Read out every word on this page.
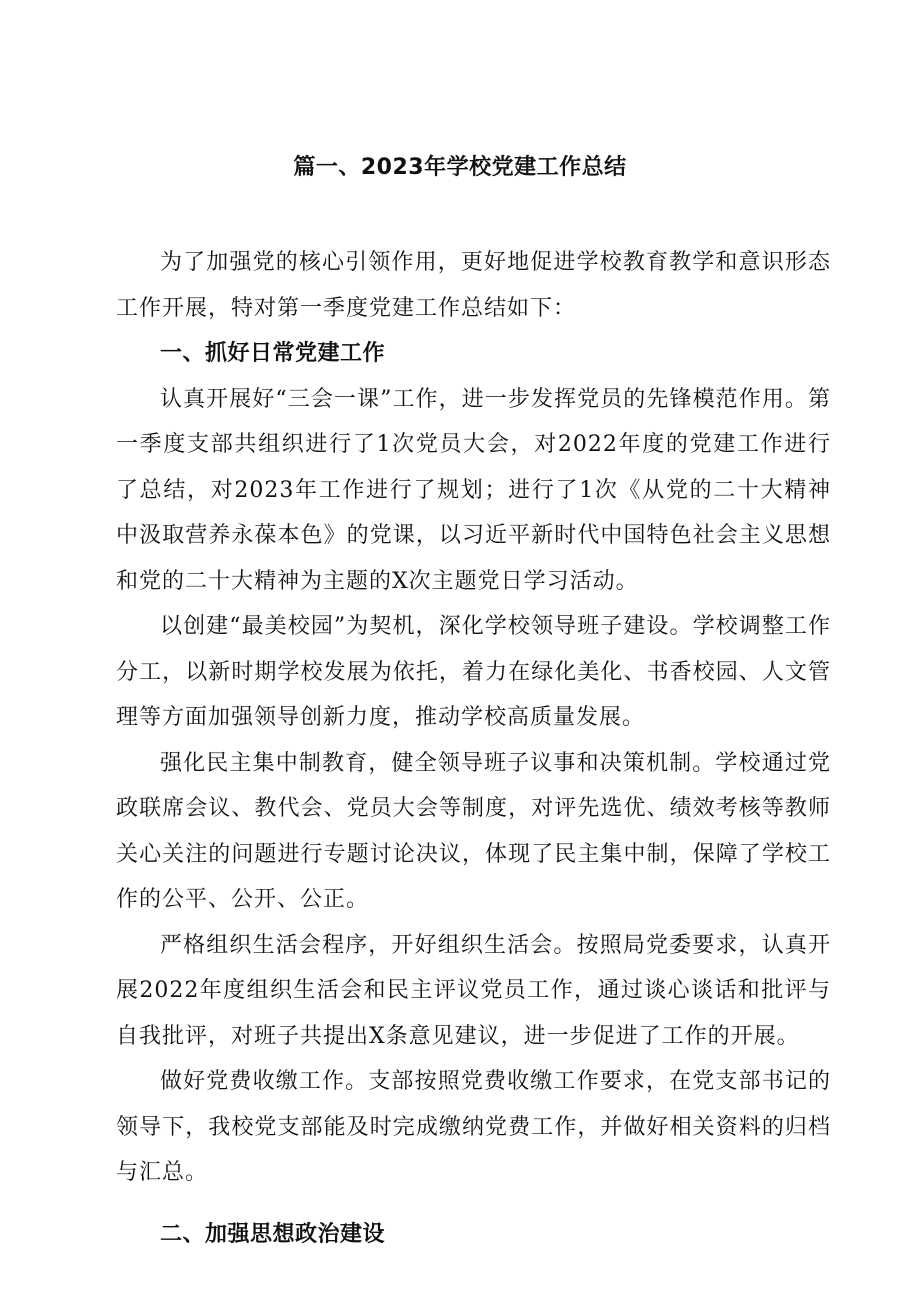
篇一、2023年学校党建工作总结

为了加强党的核心引领作用，更好地促进学校教育教学和意识形态工作开展，特对第一季度党建工作总结如下：

一、抓好日常党建工作

认真开展好“三会一课”工作，进一步发挥党员的先锋模范作用。第一季度支部共组织进行了1次党员大会，对2022年度的党建工作进行了总结，对2023年工作进行了规划；进行了1次《从党的二十大精神中汲取营养永葆本色》的党课，以习近平新时代中国特色社会主义思想和党的二十大精神为主题的X次主题党日学习活动。

以创建“最美校园”为契机，深化学校领导班子建设。学校调整工作分工，以新时期学校发展为依托，着力在绿化美化、书香校园、人文管理等方面加强领导创新力度，推动学校高质量发展。

强化民主集中制教育，健全领导班子议事和决策机制。学校通过党政联席会议、教代会、党员大会等制度，对评先选优、绩效考核等教师关心关注的问题进行专题讨论决议，体现了民主集中制，保障了学校工作的公平、公开、公正。

严格组织生活会程序，开好组织生活会。按照局党委要求，认真开展2022年度组织生活会和民主评议党员工作，通过谈心谈话和批评与自我批评，对班子共提出X条意见建议，进一步促进了工作的开展。

做好党费收缴工作。支部按照党费收缴工作要求，在党支部书记的领导下，我校党支部能及时完成缴纳党费工作，并做好相关资料的归档与汇总。

二、加强思想政治建设
